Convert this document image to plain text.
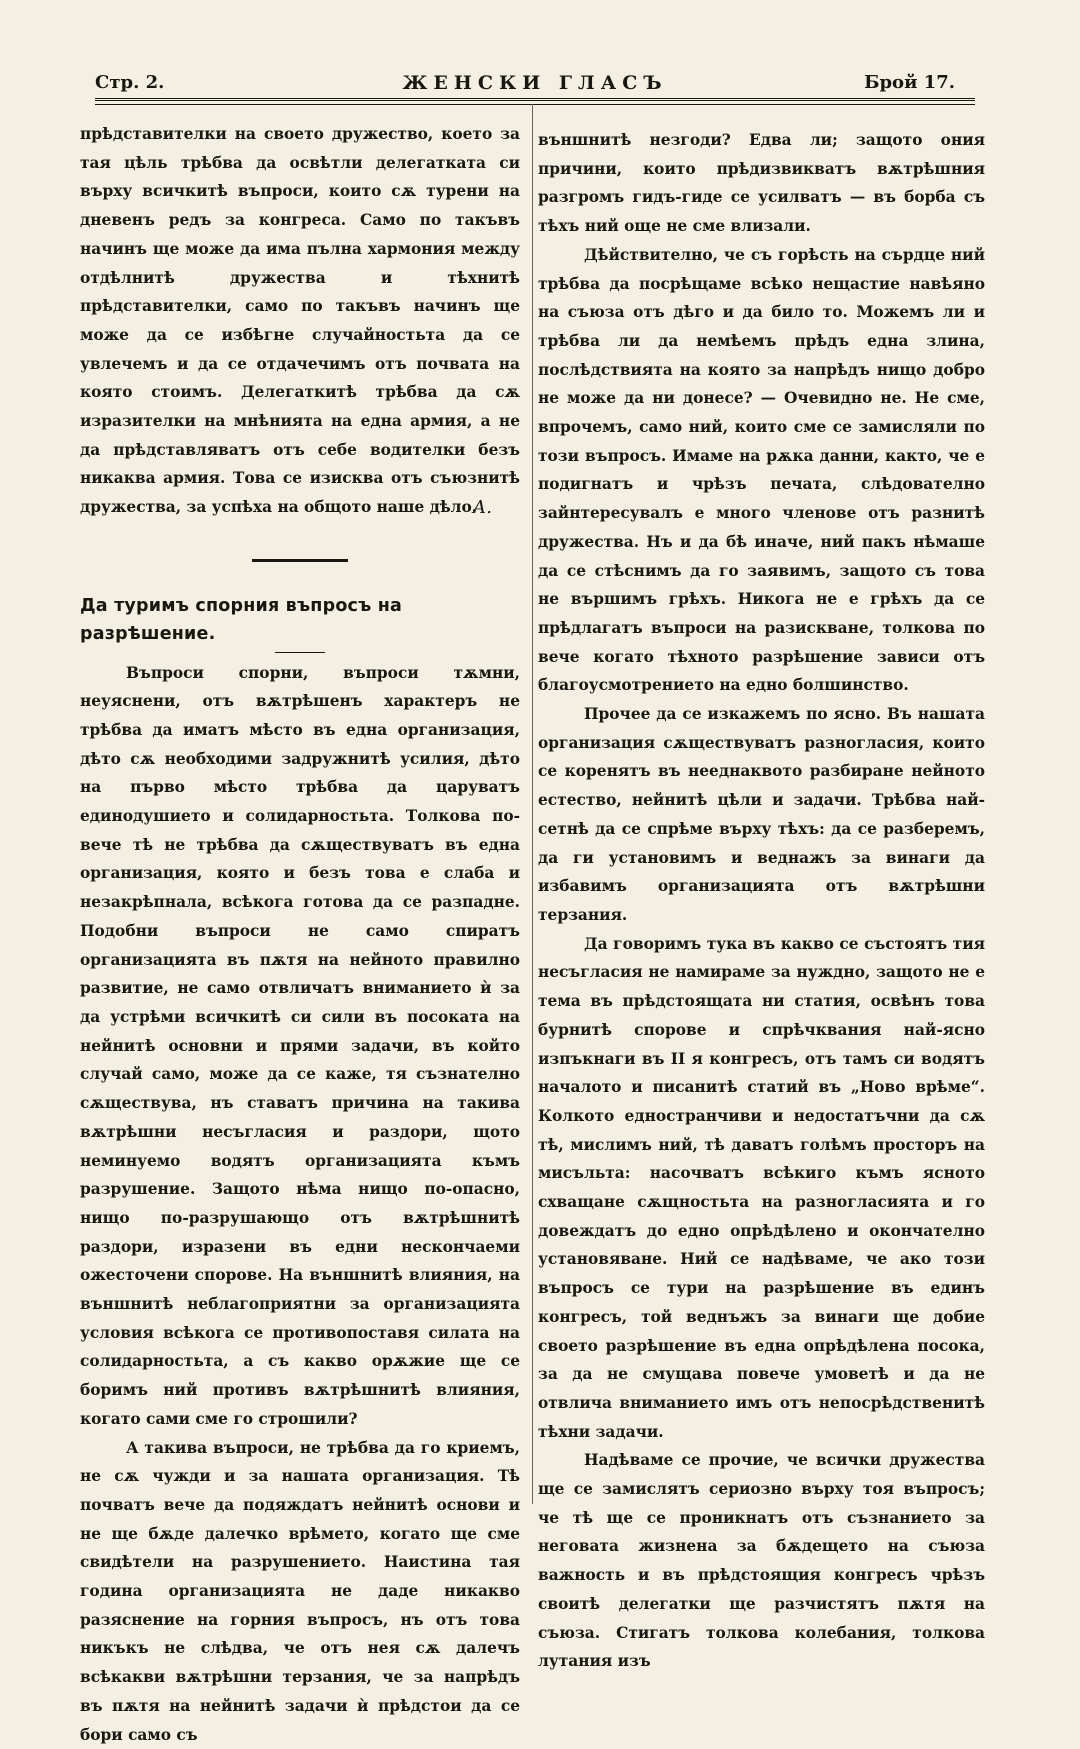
Стр. 2.	ЖЕНСКИ ГЛАСЪ	Брой 17.

прѣдставителки на своето дружество, което за тая цѣль трѣбва да освѣтли делегатката си върху всичкитѣ въпроси, които сѫ турени на дневенъ редъ за конгреса. Само по такъвъ начинъ ще може да има пълна хармония между отдѣлнитѣ дружества и тѣхнитѣ прѣдставителки, само по такъвъ начинъ ще може да се избѣгне случайностьта да се увлечемъ и да се отдачечимъ отъ почвата на която стоимъ. Делегаткитѣ трѣбва да сѫ изразителки на мнѣнията на една армия, а не да прѣдставляватъ отъ себе водителки безъ никаква армия. Това се изисква отъ съюзнитѣ дружества, за успѣха на общото наше дѣло.

А.
Да туримъ спорния въпросъ на разрѣшение.

Въпроси спорни, въпроси тѫмни, неуяснени, отъ вѫтрѣшенъ характеръ не трѣбва да иматъ мѣсто въ една организация, дѣто сѫ необходими задружнитѣ усилия, дѣто на първо мѣсто трѣбва да царуватъ единодушието и солидарностьта. Толкова по-вече тѣ не трѣбва да сѫществуватъ въ една организация, която и безъ това е слаба и незакрѣпнала, всѣкога готова да се разпадне. Подобни въпроси не само спиратъ организацията въ пѫтя на нейното правилно развитие, не само отвличатъ вниманието ѝ за да устрѣми всичкитѣ си сили въ посоката на нейнитѣ основни и прями задачи, въ който случай само, може да се каже, тя съзнателно сѫществува, нъ ставатъ причина на такива вѫтрѣшни несъгласия и раздори, щото неминуемо водятъ организацията къмъ разрушение. Защото нѣма нищо по-опасно, нищо по-разрушающо отъ вѫтрѣшнитѣ раздори, изразени въ едни нескончаеми ожесточени спорове. На външнитѣ влияния, на външнитѣ неблагоприятни за организацията условия всѣкога се противопоставя силата на солидарностьта, а съ какво орѫжие ще се боримъ ний противъ вѫтрѣшнитѣ влияния, когато сами сме го строшили?

А такива въпроси, не трѣбва да го криемъ, не сѫ чужди и за нашата организация. Тѣ почватъ вече да подяждатъ нейнитѣ основи и не ще бѫде далечко врѣмето, когато ще сме свидѣтели на разрушението. Наистина тая година организацията не даде никакво разяснение на горния въпросъ, нъ отъ това никъкъ не слѣдва, че отъ нея сѫ далечъ всѣкакви вѫтрѣшни терзания, че за напрѣдъ въ пѫтя на нейнитѣ задачи ѝ прѣдстои да се бори само съ

външнитѣ незгоди? Едва ли; защото ония причини, които прѣдизвикватъ вѫтрѣшния разгромъ гидъ-гиде се усилватъ — въ борба съ тѣхъ ний още не сме влизали.

Дѣйствително, че съ горѣсть на сърдце ний трѣбва да посрѣщаме всѣко нещастие навѣяно на съюза отъ дѣго и да било то. Можемъ ли и трѣбва ли да немѣемъ прѣдъ една злина, послѣдствията на която за напрѣдъ нищо добро не може да ни донесе? — Очевидно не. Не сме, впрочемъ, само ний, които сме се замисляли по този въпросъ. Имаме на рѫка данни, както, че е подигнатъ и чрѣзъ печата, слѣдователно зайнтересувалъ е много членове отъ разнитѣ дружества. Нъ и да бѣ иначе, ний пакъ нѣмаше да се стѣснимъ да го заявимъ, защото съ това не вършимъ грѣхъ. Никога не е грѣхъ да се прѣдлагатъ въпроси на разискване, толкова по вече когато тѣхното разрѣшение зависи отъ благоусмотрението на едно болшинство.

Прочее да се изкажемъ по ясно. Въ нашата организация сѫществуватъ разногласия, които се коренятъ въ нееднаквото разбиране нейното естество, нейнитѣ цѣли и задачи. Трѣбва най-сетнѣ да се спрѣме върху тѣхъ: да се разберемъ, да ги установимъ и веднажъ за винаги да избавимъ организацията отъ вѫтрѣшни терзания.

Да говоримъ тука въ какво се състоятъ тия несъгласия не намираме за нуждно, защото не е тема въ прѣдстоящата ни статия, освѣнъ това бурнитѣ спорове и спрѣчквания най-ясно изпъкнаги въ II я конгресъ, отъ тамъ си водятъ началото и писанитѣ статий въ „Ново врѣме“. Колкото едностранчиви и недостатъчни да сѫ тѣ, мислимъ ний, тѣ даватъ голѣмъ просторъ на мисъльта: насочватъ всѣкиго къмъ ясното схващане сѫщностьта на разногласията и го довеждатъ до едно опрѣдѣлено и окончателно установяване. Ний се надѣваме, че ако този въпросъ се тури на разрѣшение въ единъ конгресъ, той веднъжъ за винаги ще добие своето разрѣшение въ една опрѣдѣлена посока, за да не смущава повече умоветѣ и да не отвлича вниманието имъ отъ непосрѣдственитѣ тѣхни задачи.

Надѣваме се прочие, че всички дружества ще се замислятъ сериозно върху тоя въпросъ; че тѣ ще се проникнатъ отъ съзнанието за неговата жизнена за бѫдещето на съюза важность и въ прѣдстоящия конгресъ чрѣзъ своитѣ делегатки ще разчистятъ пѫтя на съюза. Стигатъ толкова колебания, толкова лутания изъ
